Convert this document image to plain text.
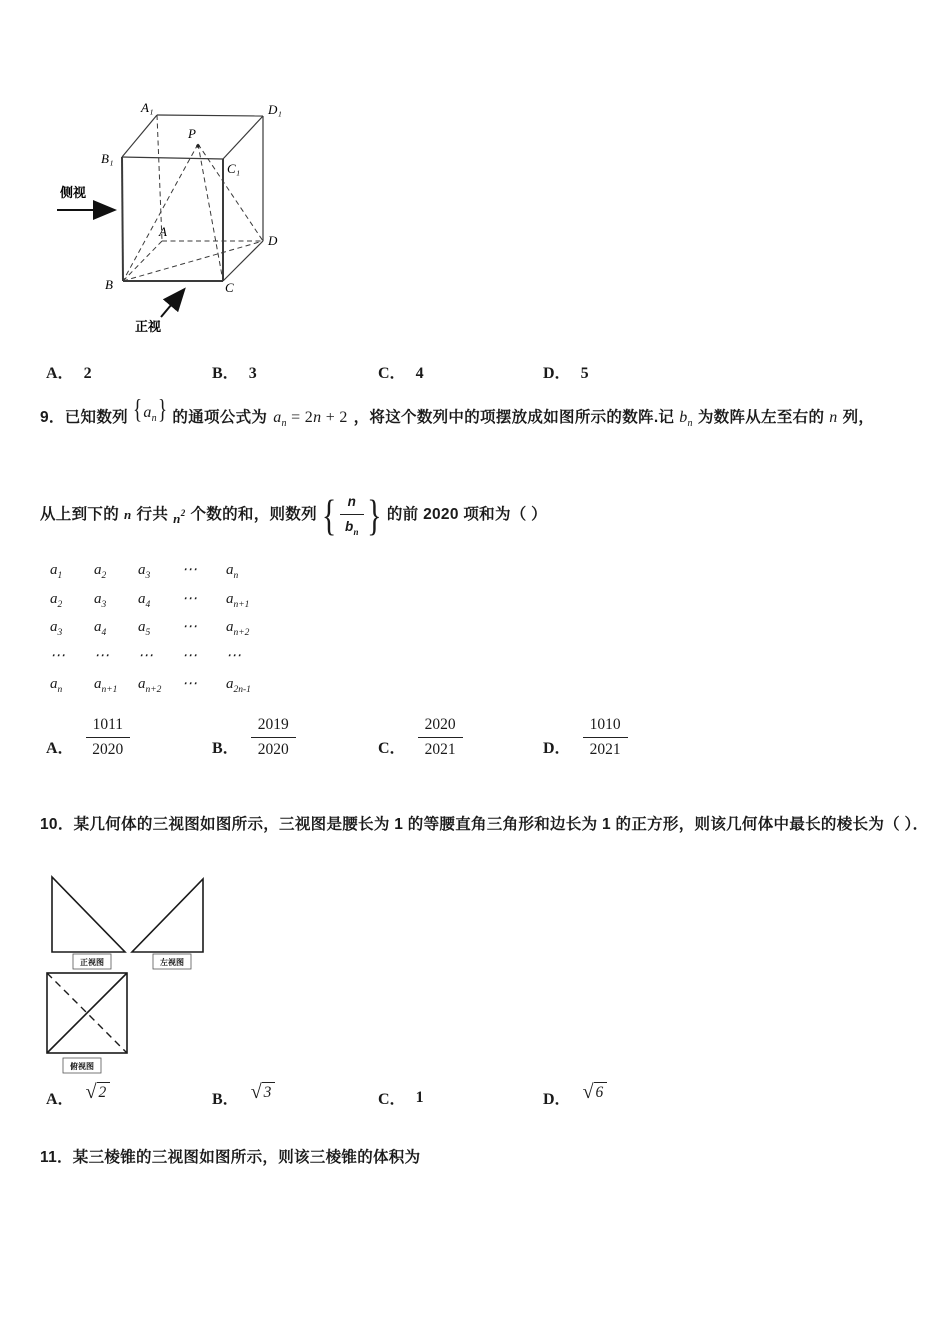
A₁	D₁
B₁
C₁
P
A
D
B	C
侧视
正视
A． 2	B． 3	C． 4	D． 5
9． 已知数列 $\{a_n\}$ 的通项公式为 $a_n = 2n + 2$ ，将这个数列中的项摆放成如图所示的数阵.记 $b_n$ 为数阵从左至右的 n 列，
从上到下的 n 行共 $_n^2$ 个数的和，则数列 { $\frac{n}{b_n}$ } 的前 2020 项和为（ ）
$a_1$ $a_2$ $a_3$ ⋯ $a_n$
$a_2$ $a_3$ $a_4$ ⋯ $a_{n+1}$
$a_3$ $a_4$ $a_5$ ⋯ $a_{n+2}$
⋯ ⋯ ⋯ ⋯ ⋯
$a_n$ $a_{n+1}$ $a_{n+2}$ ⋯ $a_{2n-1}$
A． $\frac{1011}{2020}$	B． $\frac{2019}{2020}$	C． $\frac{2020}{2021}$	D． $\frac{1010}{2021}$
10．某几何体的三视图如图所示，三视图是腰长为 1 的等腰直角三角形和边长为 1 的正方形，则该几何体中最长的棱长为（ ）．
正视图	左视图
俯视图
A． √ 2	B． √ 3	C． 1	D． √ 6
11．某三棱锥的三视图如图所示，则该三棱锥的体积为
